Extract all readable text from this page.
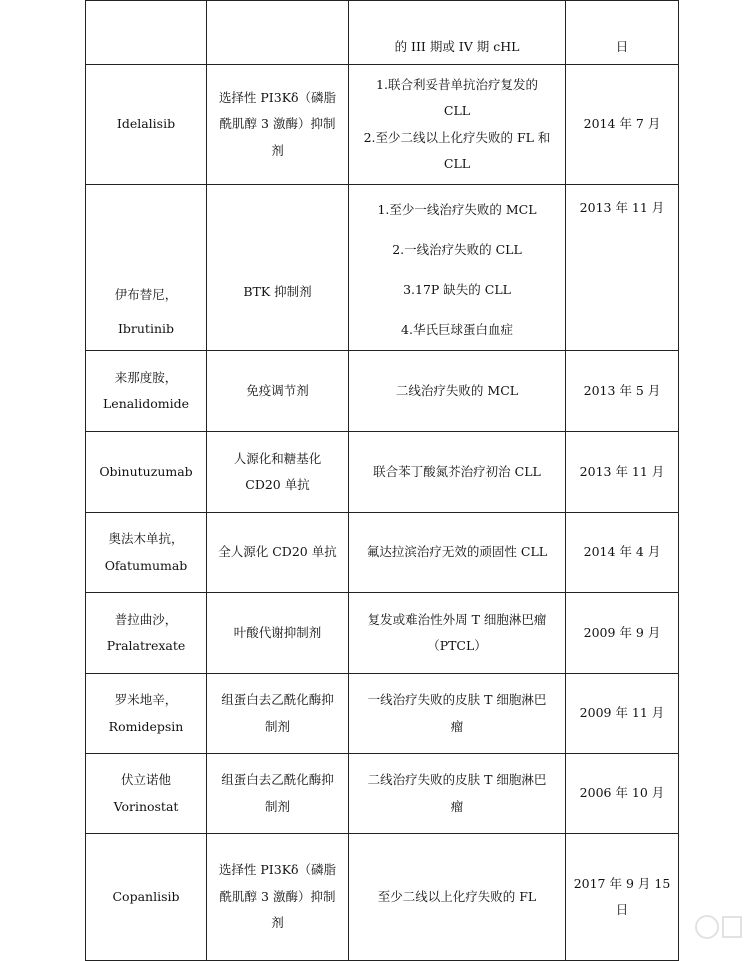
		的 III 期或 IV 期 cHL	日

Idelalisib	选择性 PI3Kδ（磷脂
酰肌醇 3 激酶）抑制
剂	1.联合利妥昔单抗治疗复发的
CLL
2.至少二线以上化疗失败的 FL 和
CLL	2014 年 7 月

伊布替尼，
Ibrutinib	BTK 抑制剂	1.至少一线治疗失败的 MCL
2.一线治疗失败的 CLL
3.17P 缺失的 CLL
4.华氏巨球蛋白血症	2013 年 11 月

来那度胺，
Lenalidomide	免疫调节剂	二线治疗失败的 MCL	2013 年 5 月

Obinutuzumab	人源化和糖基化
CD20 单抗	联合苯丁酸氮芥治疗初治 CLL	2013 年 11 月

奥法木单抗，
Ofatumumab	全人源化 CD20 单抗	氟达拉滨治疗无效的顽固性 CLL	2014 年 4 月

普拉曲沙，
Pralatrexate	叶酸代谢抑制剂	复发或难治性外周 T 细胞淋巴瘤
（PTCL）	2009 年 9 月

罗米地辛，
Romidepsin	组蛋白去乙酰化酶抑
制剂	一线治疗失败的皮肤 T 细胞淋巴
瘤	2009 年 11 月

伏立诺他
Vorinostat	组蛋白去乙酰化酶抑
制剂	二线治疗失败的皮肤 T 细胞淋巴
瘤	2006 年 10 月

Copanlisib	选择性 PI3Kδ（磷脂
酰肌醇 3 激酶）抑制
剂	至少二线以上化疗失败的 FL	2017 年 9 月 15
日
